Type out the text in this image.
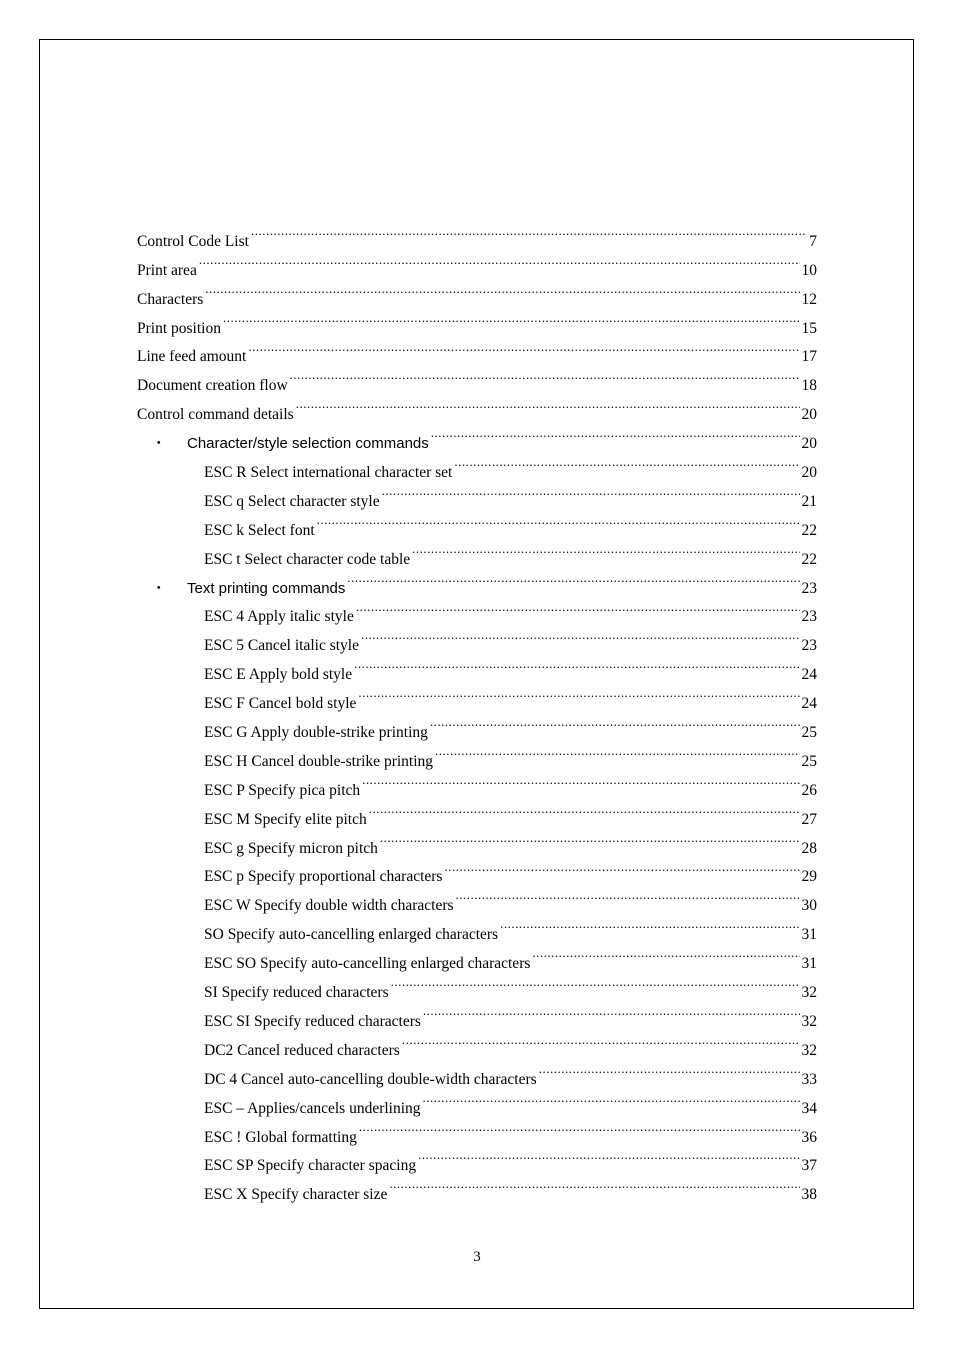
Control Code List .....	7
Print area .....	10
Characters .....	12
Print position .....	15
Line feed amount .....	17
Document creation flow .....	18
Control command details .....	20
・	Character/style selection commands .....	20
ESC R Select international character set .....	20
ESC q Select character style .....	21
ESC k Select font .....	22
ESC t Select character code table .....	22
・	Text printing commands .....	23
ESC 4 Apply italic style .....	23
ESC 5 Cancel italic style .....	23
ESC E Apply bold style .....	24
ESC F Cancel bold style .....	24
ESC G Apply double-strike printing .....	25
ESC H Cancel double-strike printing .....	25
ESC P Specify pica pitch .....	26
ESC M Specify elite pitch .....	27
ESC g Specify micron pitch .....	28
ESC p Specify proportional characters .....	29
ESC W Specify double width characters .....	30
SO Specify auto-cancelling enlarged characters .....	31
ESC SO Specify auto-cancelling enlarged characters .....	31
SI Specify reduced characters .....	32
ESC SI Specify reduced characters .....	32
DC2 Cancel reduced characters .....	32
DC 4 Cancel auto-cancelling double-width characters .....	33
ESC – Applies/cancels underlining .....	34
ESC ! Global formatting .....	36
ESC SP Specify character spacing .....	37
ESC X Specify character size .....	38
3
